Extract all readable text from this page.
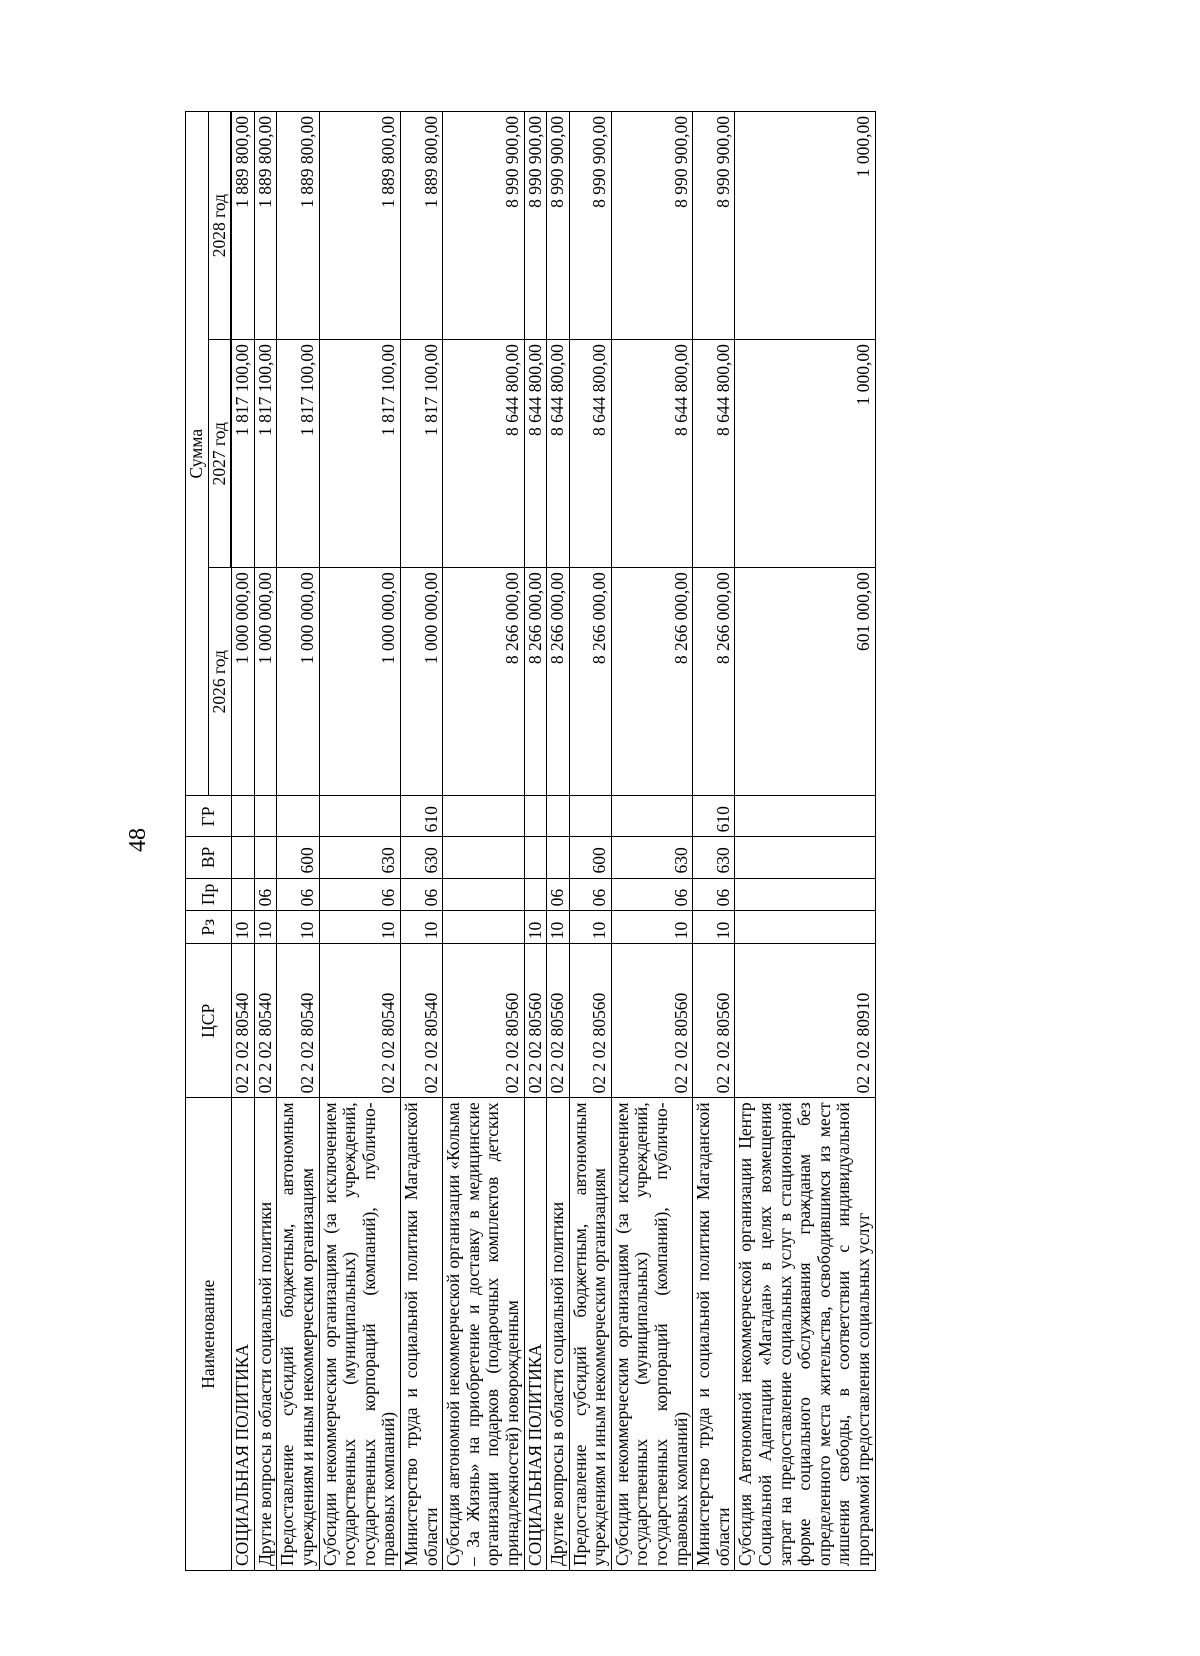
48
Наименование	ЦСР	Рз	Пр	ВР	ГР	Сумма		
						2026 год	2027 год	2028 год

СОЦИАЛЬНАЯ ПОЛИТИКА	02 2 02 80540	10				1 000 000,00	1 817 100,00	1 889 800,00
Другие вопросы в области социальной политики	02 2 02 80540	10	06			1 000 000,00	1 817 100,00	1 889 800,00
Предоставление субсидий бюджетным, автономным учреждениям и иным некоммерческим организациям	02 2 02 80540	10	06	600		1 000 000,00	1 817 100,00	1 889 800,00
Субсидии некоммерческим организациям (за исключением государственных (муниципальных) учреждений, государственных корпораций (компаний), публично-правовых компаний)	02 2 02 80540	10	06	630		1 000 000,00	1 817 100,00	1 889 800,00
Министерство труда и социальной политики Магаданской области	02 2 02 80540	10	06	630	610	1 000 000,00	1 817 100,00	1 889 800,00
Субсидия автономной некоммерческой организации «Колыма – За Жизнь» на приобретение и доставку в медицинские организации подарков (подарочных комплектов детских принадлежностей) новорожденным	02 2 02 80560					8 266 000,00	8 644 800,00	8 990 900,00
СОЦИАЛЬНАЯ ПОЛИТИКА	02 2 02 80560	10				8 266 000,00	8 644 800,00	8 990 900,00
Другие вопросы в области социальной политики	02 2 02 80560	10	06			8 266 000,00	8 644 800,00	8 990 900,00
Предоставление субсидий бюджетным, автономным учреждениям и иным некоммерческим организациям	02 2 02 80560	10	06	600		8 266 000,00	8 644 800,00	8 990 900,00
Субсидии некоммерческим организациям (за исключением государственных (муниципальных) учреждений, государственных корпораций (компаний), публично-правовых компаний)	02 2 02 80560	10	06	630		8 266 000,00	8 644 800,00	8 990 900,00
Министерство труда и социальной политики Магаданской области	02 2 02 80560	10	06	630	610	8 266 000,00	8 644 800,00	8 990 900,00
Субсидия Автономной некоммерческой организации Центр Социальной Адаптации «Магадан» в целях возмещения затрат на предоставление социальных услуг в стационарной форме социального обслуживания гражданам без определенного места жительства, освободившимся из мест лишения свободы, в соответствии с индивидуальной программой предоставления социальных услуг	02 2 02 80910					601 000,00	1 000,00	1 000,00
